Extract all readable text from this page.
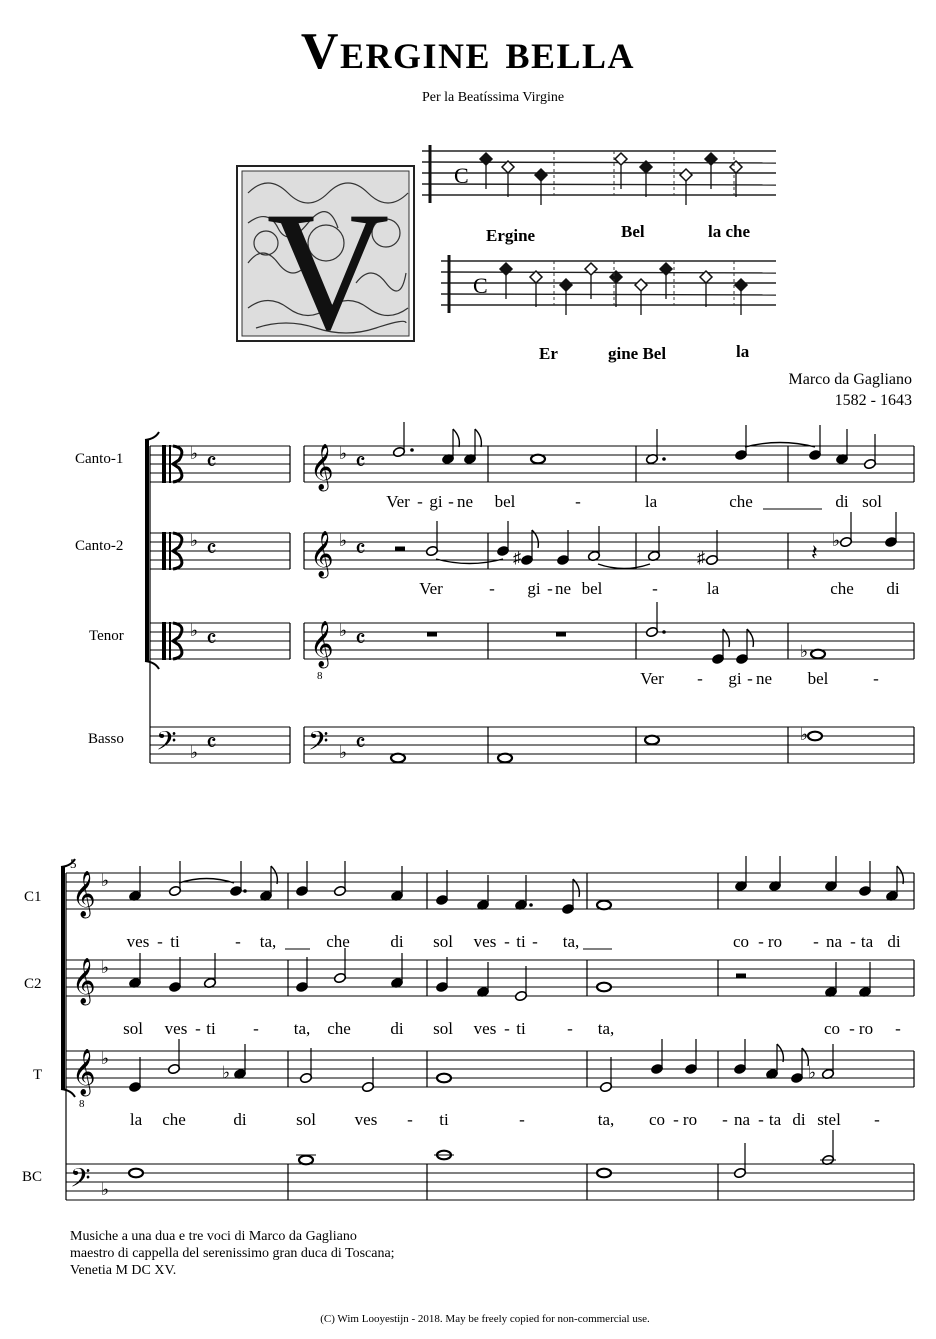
Vergine bella
Per la Beatíssima Virgine
V
C
C
Ergine	Bel	la che
Er	gine Bel	la
Marco da Gagliano
1582 - 1643
Canto-1
Canto-2
Tenor
Basso
5
C1
C2
T
BC
♭ 𝄴 𝄞 ♭ 𝄴
♭ 𝄴 𝄞 ♭ 𝄴
♭ 𝄴 𝄞
8
♭ 𝄴
𝄢 ♭ 𝄴	𝄢 ♭ 𝄴
Ver - gi - ne bel	-	la	che	di sol
♯	♯	𝄽
♭
Ver	- gi - ne bel	-	la	che di
♭
Ver - gi - ne bel	-
♭
𝄞 ♭
𝄞 ♭
𝄞
8
♭
𝄢 ♭
ves - ti	- ta,	che di sol ves - ti - ta,	co - ro - na - ta di
sol ves - ti - ta, che di sol ves - ti - ta,	co - ro -
♭	♭
la che	di	sol ves - ti	-	ta, co - ro - na - ta di stel -
Musiche a una dua e tre voci di Marco da Gagliano
maestro di cappella del serenissimo gran duca di Toscana;
Venetia M DC XV.
(C) Wim Looyestijn - 2018. May be freely copied for non-commercial use.
